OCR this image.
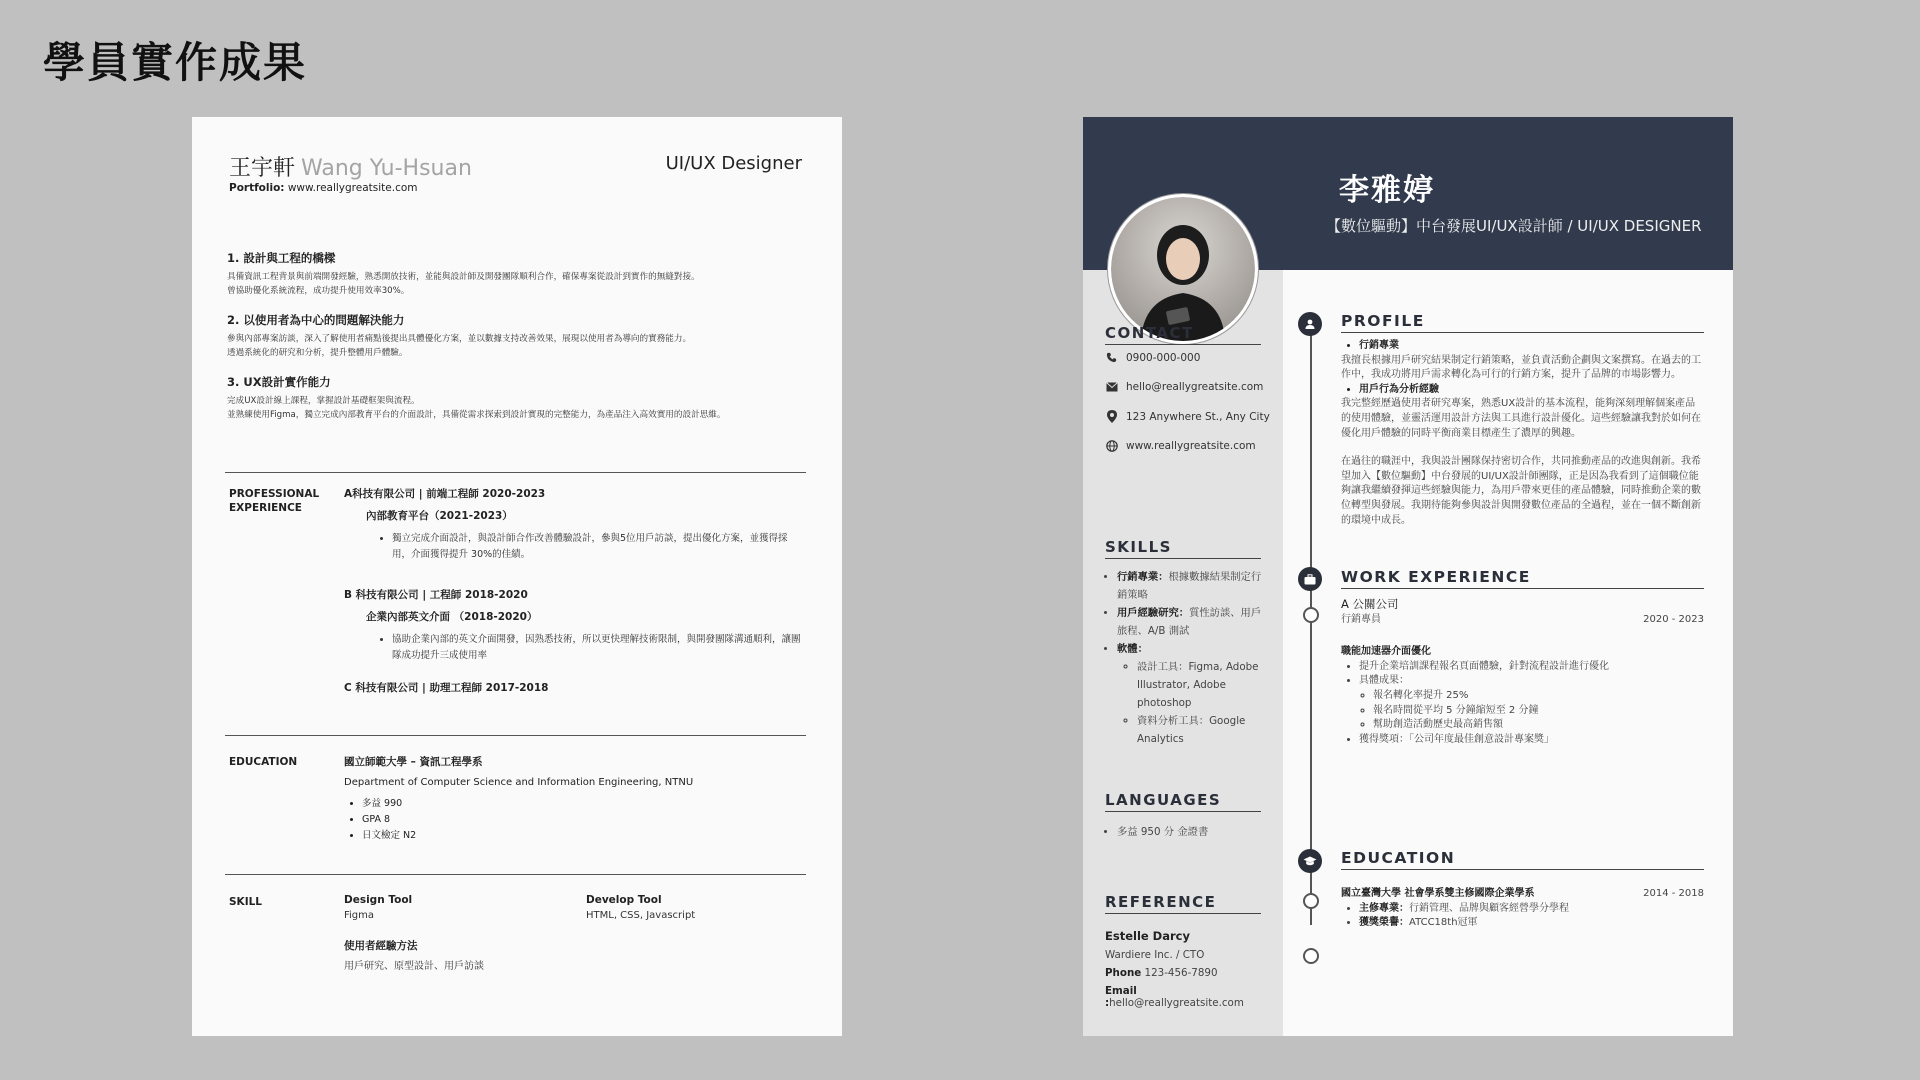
學員實作成果
王宇軒 Wang Yu-Hsuan	UI/UX Designer
Portfolio: www.reallygreatsite.com
1. 設計與工程的橋樑

具備資訊工程背景與前端開發經驗，熟悉開放技術，並能與設計師及開發團隊順利合作，確保專案從設計到實作的無縫對接。

曾協助優化系統流程，成功提升使用效率30%。

2. 以使用者為中心的問題解決能力

參與內部專案訪談，深入了解使用者痛點後提出具體優化方案，並以數據支持改善效果，展現以使用者為導向的實務能力。

透過系統化的研究和分析，提升整體用戶體驗。

3. UX設計實作能力

完成UX設計線上課程，掌握設計基礎框架與流程。

並熟練使用Figma，獨立完成內部教育平台的介面設計，具備從需求探索到設計實現的完整能力，為產品注入高效實用的設計思維。

PROFESSIONAL
EXPERIENCE
A科技有限公司 | 前端工程師 2020-2023
內部教育平台（2021-2023）
• 獨立完成介面設計，與設計師合作改善體驗設計，參與5位用戶訪談，提出優化方案，並獲得採用，介面獲得提升 30%的佳績。
B 科技有限公司 | 工程師 2018-2020
企業內部英文介面 （2018-2020）
• 協助企業內部的英文介面開發，因熟悉技術，所以更快理解技術限制，與開發團隊溝通順利，讓團隊成功提升三成使用率
C 科技有限公司 | 助理工程師 2017-2018
EDUCATION	國立師範大學 – 資訊工程學系
Department of Computer Science and Information Engineering, NTNU
• 多益 990
• GPA 8
• 日文檢定 N2
SKILL	Design Tool
Figma
Develop Tool
HTML, CSS, Javascript
使用者經驗方法
用戶研究、原型設計、用戶訪談
李雅婷
【數位驅動】中台發展UI/UX設計師 / UI/UX DESIGNER
CONTACT
0900-000-000
hello@reallygreatsite.com
123 Anywhere St., Any City
www.reallygreatsite.com
SKILLS
• 行銷專業：根據數據結果制定行銷策略
• 用戶經驗研究：質性訪談、用戶旅程、A/B 測試
• 軟體：
◦ 設計工具：Figma, Adobe Illustrator, Adobe photoshop
◦ 資料分析工具：Google Analytics
LANGUAGES
• 多益 950 分 金證書
REFERENCE
Estelle Darcy
Wardiere Inc. / CTO
Phone 123-456-7890
Email :hello@reallygreatsite.com
PROFILE
• 行銷專業

我擅長根據用戶研究結果制定行銷策略，並負責活動企劃與文案撰寫。在過去的工作中，我成功將用戶需求轉化為可行的行銷方案，提升了品牌的市場影響力。

• 用戶行為分析經驗

我完整經歷過使用者研究專案，熟悉UX設計的基本流程，能夠深刻理解個案產品的使用體驗，並靈活運用設計方法與工具進行設計優化。這些經驗讓我對於如何在優化用戶體驗的同時平衡商業目標產生了濃厚的興趣。

在過往的職涯中，我與設計團隊保持密切合作，共同推動產品的改進與創新。我希望加入【數位驅動】中台發展的UI/UX設計師團隊，正是因為我看到了這個職位能夠讓我繼續發揮這些經驗與能力，為用戶帶來更佳的產品體驗，同時推動企業的數位轉型與發展。我期待能夠參與設計與開發數位產品的全過程，並在一個不斷創新的環境中成長。

WORK EXPERIENCE
A 公關公司
行銷專員	2020 - 2023
職能加速器介面優化
• 提升企業培訓課程報名頁面體驗，針對流程設計進行優化
• 具體成果：
◦ 報名轉化率提升 25%
◦ 報名時間從平均 5 分鐘縮短至 2 分鐘
◦ 幫助創造活動歷史最高銷售額
• 獲得獎項：「公司年度最佳創意設計專案獎」
EDUCATION
國立臺灣大學 社會學系雙主修國際企業學系	2014 - 2018
• 主修專業：行銷管理、品牌與顧客經營學分學程
• 獲獎榮譽：ATCC18th冠軍
